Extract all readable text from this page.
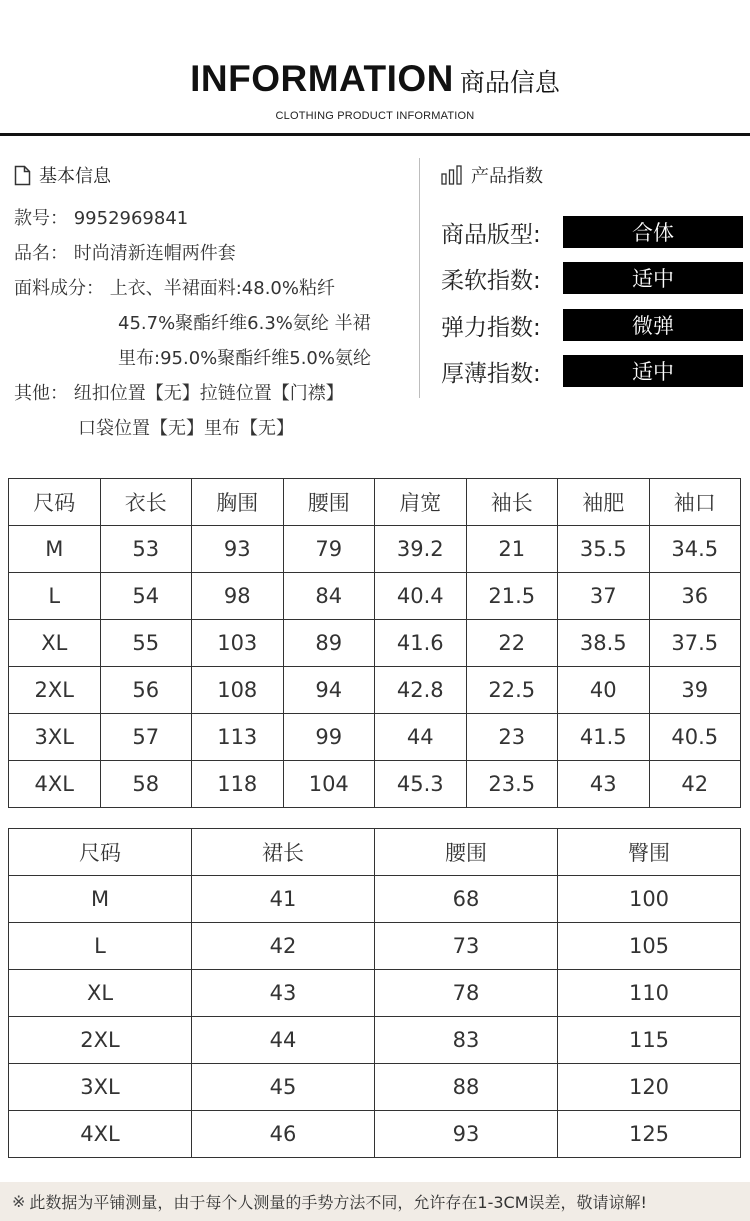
INFORMATION 商品信息
CLOTHING PRODUCT INFORMATION
基本信息
款号： 9952969841
品名： 时尚清新连帽两件套
面料成分： 上衣、半裙面料:48.0%粘纤
45.7%聚酯纤维6.3%氨纶 半裙
里布:95.0%聚酯纤维5.0%氨纶
其他： 纽扣位置【无】拉链位置【门襟】
口袋位置【无】里布【无】
产品指数
商品版型:	合体
柔软指数:	适中
弹力指数:	微弹
厚薄指数:	适中
尺码	衣长	胸围	腰围	肩宽	袖长	袖肥	袖口
M	53	93	79	39.2	21	35.5	34.5
L	54	98	84	40.4	21.5	37	36
XL	55	103	89	41.6	22	38.5	37.5
2XL	56	108	94	42.8	22.5	40	39
3XL	57	113	99	44	23	41.5	40.5
4XL	58	118	104	45.3	23.5	43	42
尺码	裙长	腰围	臀围
M	41	68	100
L	42	73	105
XL	43	78	110
2XL	44	83	115
3XL	45	88	120
4XL	46	93	125
※ 此数据为平铺测量，由于每个人测量的手势方法不同，允许存在1-3CM误差，敬请谅解!
